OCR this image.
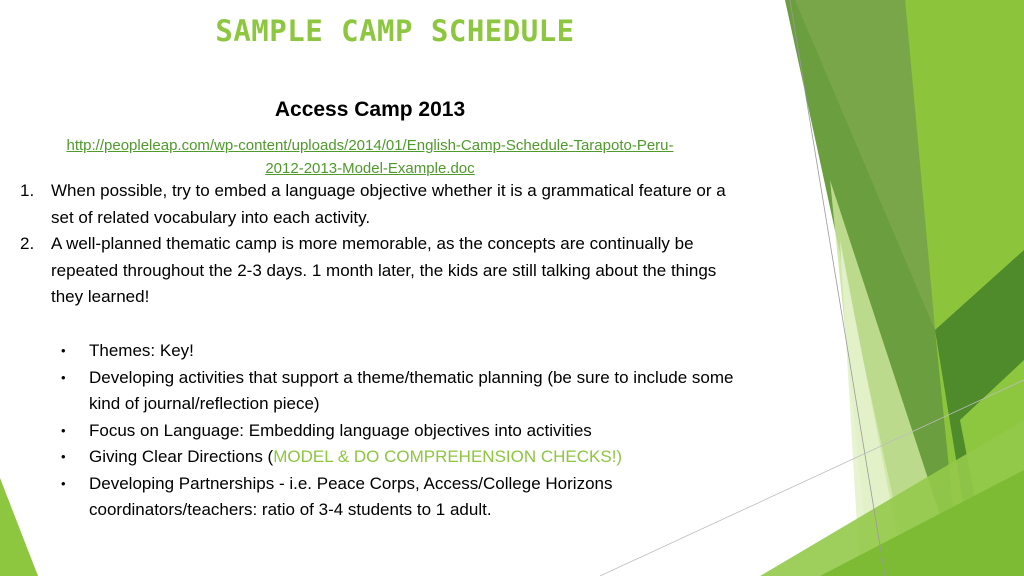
SAMPLE CAMP SCHEDULE
Access Camp 2013
http://peopleleap.com/wp-content/uploads/2014/01/English-Camp-Schedule-Tarapoto-Peru-
2012-2013-Model-Example.doc
1. When possible, try to embed a language objective whether it is a grammatical feature or a set of related vocabulary into each activity.
2. A well-planned thematic camp is more memorable, as the concepts are continually be repeated throughout the 2-3 days. 1 month later, the kids are still talking about the things they learned!
• Themes: Key!
• Developing activities that support a theme/thematic planning (be sure to include some kind of journal/reflection piece)
• Focus on Language: Embedding language objectives into activities
• Giving Clear Directions (MODEL & DO COMPREHENSION CHECKS!)
• Developing Partnerships - i.e. Peace Corps, Access/College Horizons coordinators/teachers: ratio of 3-4 students to 1 adult.
